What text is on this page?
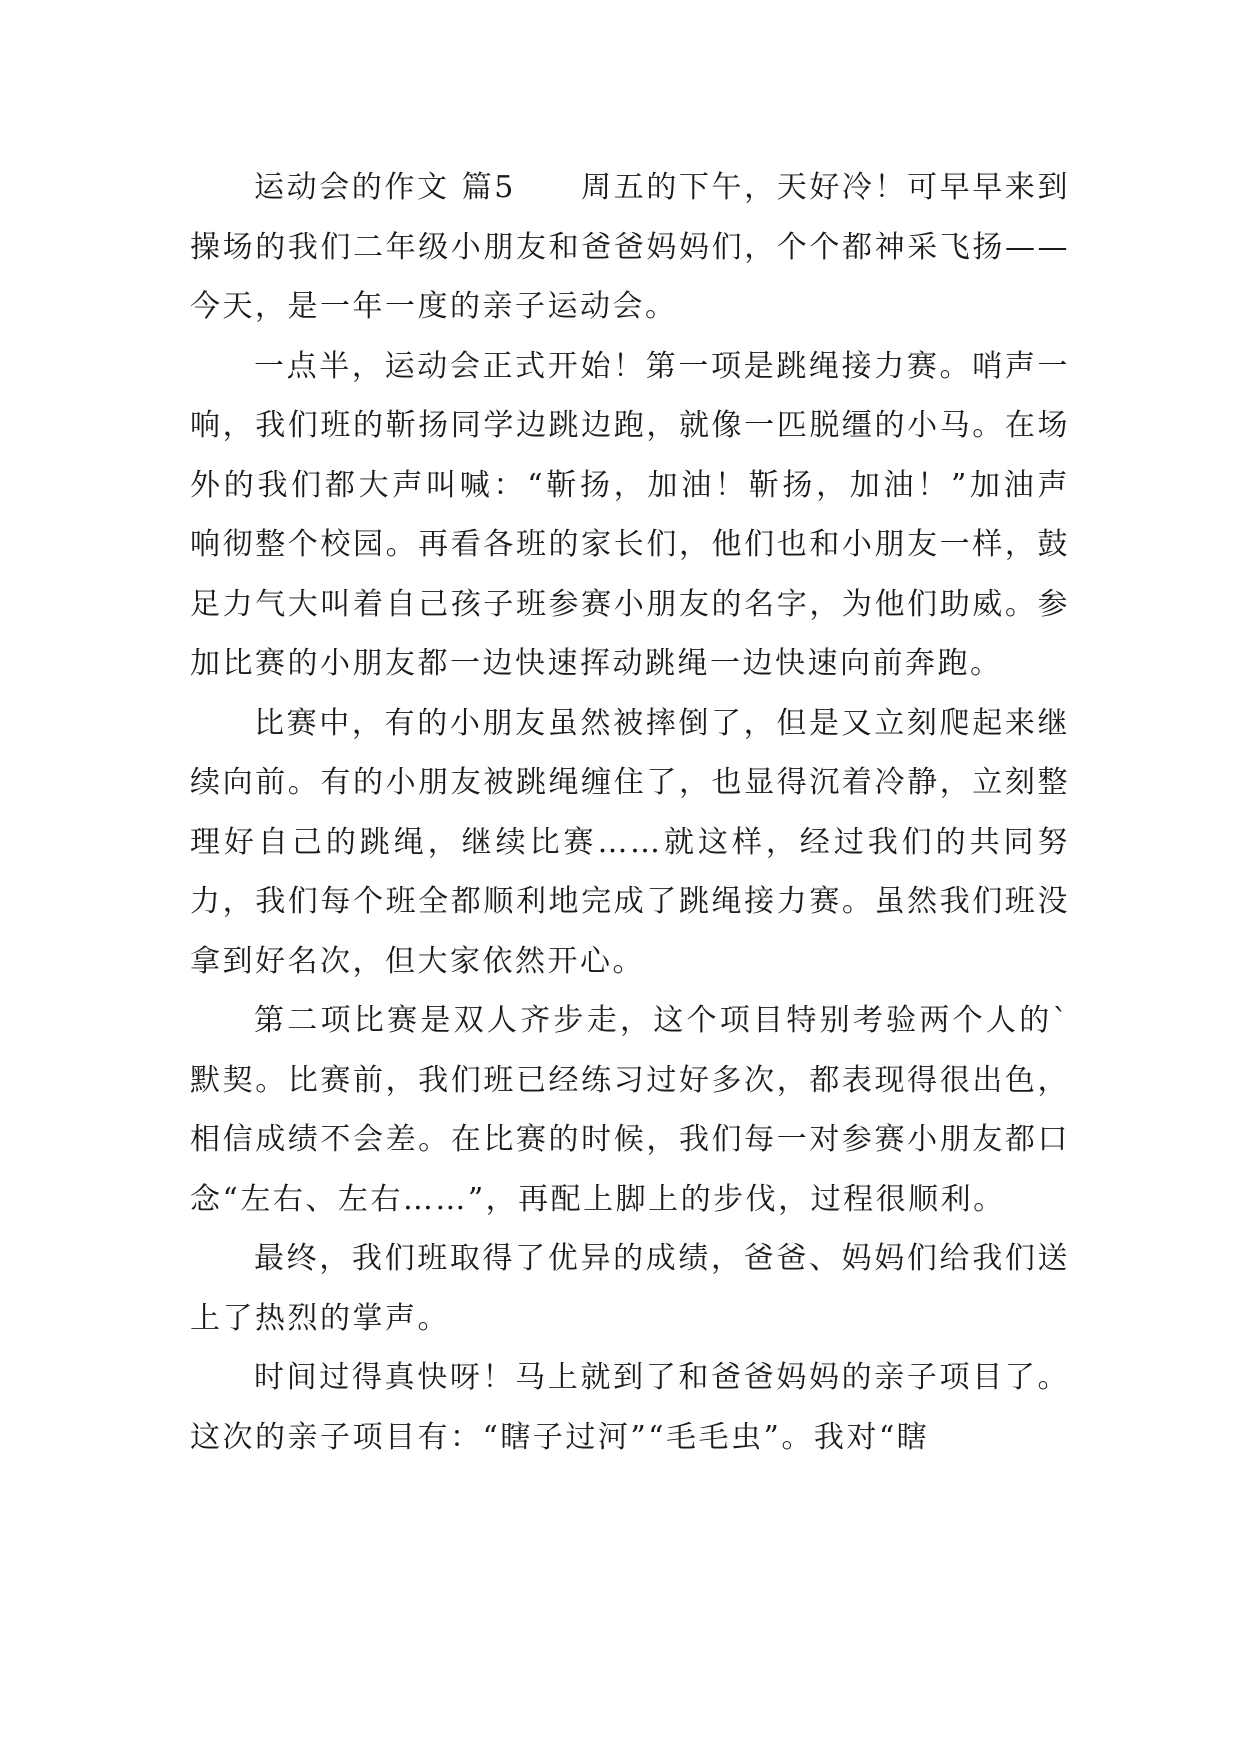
运动会的作文 篇5　　周五的下午，天好冷！可早早来到操场的我们二年级小朋友和爸爸妈妈们，个个都神采飞扬——今天，是一年一度的亲子运动会。

一点半，运动会正式开始！第一项是跳绳接力赛。哨声一响，我们班的靳扬同学边跳边跑，就像一匹脱缰的小马。在场外的我们都大声叫喊：“靳扬，加油！靳扬，加油！”加油声响彻整个校园。再看各班的家长们，他们也和小朋友一样，鼓足力气大叫着自己孩子班参赛小朋友的名字，为他们助威。参加比赛的小朋友都一边快速挥动跳绳一边快速向前奔跑。

比赛中，有的小朋友虽然被摔倒了，但是又立刻爬起来继续向前。有的小朋友被跳绳缠住了，也显得沉着冷静，立刻整理好自己的跳绳，继续比赛……就这样，经过我们的共同努力，我们每个班全都顺利地完成了跳绳接力赛。虽然我们班没拿到好名次，但大家依然开心。

第二项比赛是双人齐步走，这个项目特别考验两个人的`默契。比赛前，我们班已经练习过好多次，都表现得很出色，相信成绩不会差。在比赛的时候，我们每一对参赛小朋友都口念“左右、左右……”，再配上脚上的步伐，过程很顺利。

最终，我们班取得了优异的成绩，爸爸、妈妈们给我们送上了热烈的掌声。

时间过得真快呀！马上就到了和爸爸妈妈的亲子项目了。这次的亲子项目有：“瞎子过河”“毛毛虫”。我对“瞎
